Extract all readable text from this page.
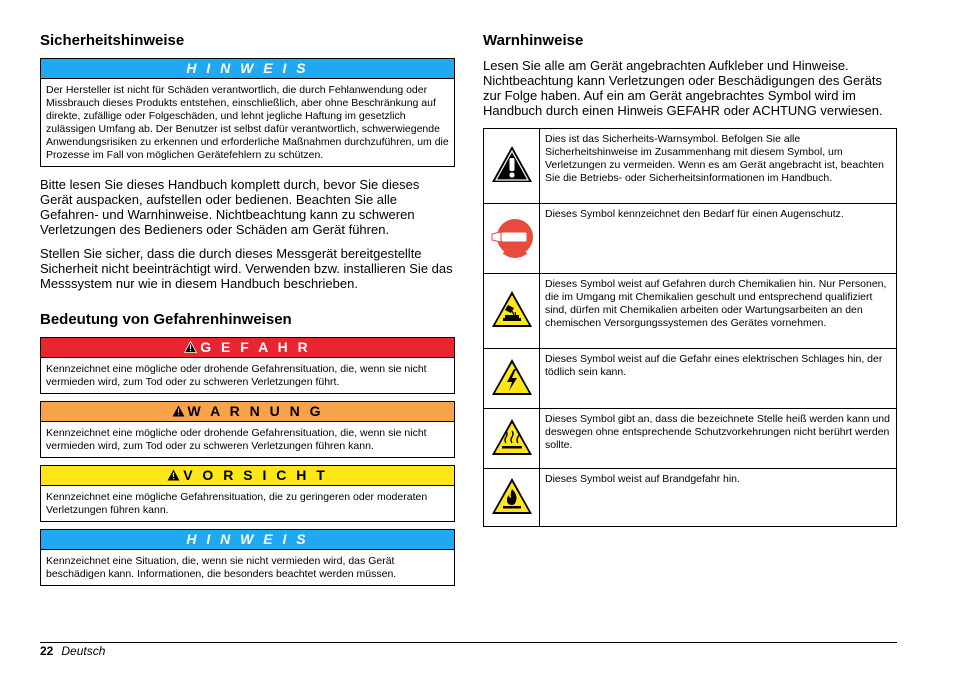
Sicherheitshinweise
H I N W E I S
Der Hersteller ist nicht für Schäden verantwortlich, die durch Fehlanwendung oder Missbrauch dieses Produkts entstehen, einschließlich, aber ohne Beschränkung auf direkte, zufällige oder Folgeschäden, und lehnt jegliche Haftung im gesetzlich zulässigen Umfang ab. Der Benutzer ist selbst dafür verantwortlich, schwerwiegende Anwendungsrisiken zu erkennen und erforderliche Maßnahmen durchzuführen, um die Prozesse im Fall von möglichen Gerätefehlern zu schützen.

Bitte lesen Sie dieses Handbuch komplett durch, bevor Sie dieses Gerät auspacken, aufstellen oder bedienen. Beachten Sie alle Gefahren- und Warnhinweise. Nichtbeachtung kann zu schweren Verletzungen des Bedieners oder Schäden am Gerät führen.

Stellen Sie sicher, dass die durch dieses Messgerät bereitgestellte Sicherheit nicht beeinträchtigt wird. Verwenden bzw. installieren Sie das Messsystem nur wie in diesem Handbuch beschrieben.

Bedeutung von Gefahrenhinweisen
G E F A H R
Kennzeichnet eine mögliche oder drohende Gefahrensituation, die, wenn sie nicht vermieden wird, zum Tod oder zu schweren Verletzungen führt.
W A R N U N G
Kennzeichnet eine mögliche oder drohende Gefahrensituation, die, wenn sie nicht vermieden wird, zum Tod oder zu schweren Verletzungen führen kann.
V O R S I C H T
Kennzeichnet eine mögliche Gefahrensituation, die zu geringeren oder moderaten Verletzungen führen kann.
H I N W E I S
Kennzeichnet eine Situation, die, wenn sie nicht vermieden wird, das Gerät beschädigen kann. Informationen, die besonders beachtet werden müssen.
Warnhinweise

Lesen Sie alle am Gerät angebrachten Aufkleber und Hinweise. Nichtbeachtung kann Verletzungen oder Beschädigungen des Geräts zur Folge haben. Auf ein am Gerät angebrachtes Symbol wird im Handbuch durch einen Hinweis GEFAHR oder ACHTUNG verwiesen.

	Dies ist das Sicherheits-Warnsymbol. Befolgen Sie alle Sicherheitshinweise im Zusammenhang mit diesem Symbol, um Verletzungen zu vermeiden. Wenn es am Gerät angebracht ist, beachten Sie die Betriebs- oder Sicherheitsinformationen im Handbuch.
	Dieses Symbol kennzeichnet den Bedarf für einen Augenschutz.
	Dieses Symbol weist auf Gefahren durch Chemikalien hin. Nur Personen, die im Umgang mit Chemikalien geschult und entsprechend qualifiziert sind, dürfen mit Chemikalien arbeiten oder Wartungsarbeiten an den chemischen Versorgungssystemen des Gerätes vornehmen.
	Dieses Symbol weist auf die Gefahr eines elektrischen Schlages hin, der tödlich sein kann.
	Dieses Symbol gibt an, dass die bezeichnete Stelle heiß werden kann und deswegen ohne entsprechende Schutzvorkehrungen nicht berührt werden sollte.
	Dieses Symbol weist auf Brandgefahr hin.
22 Deutsch
